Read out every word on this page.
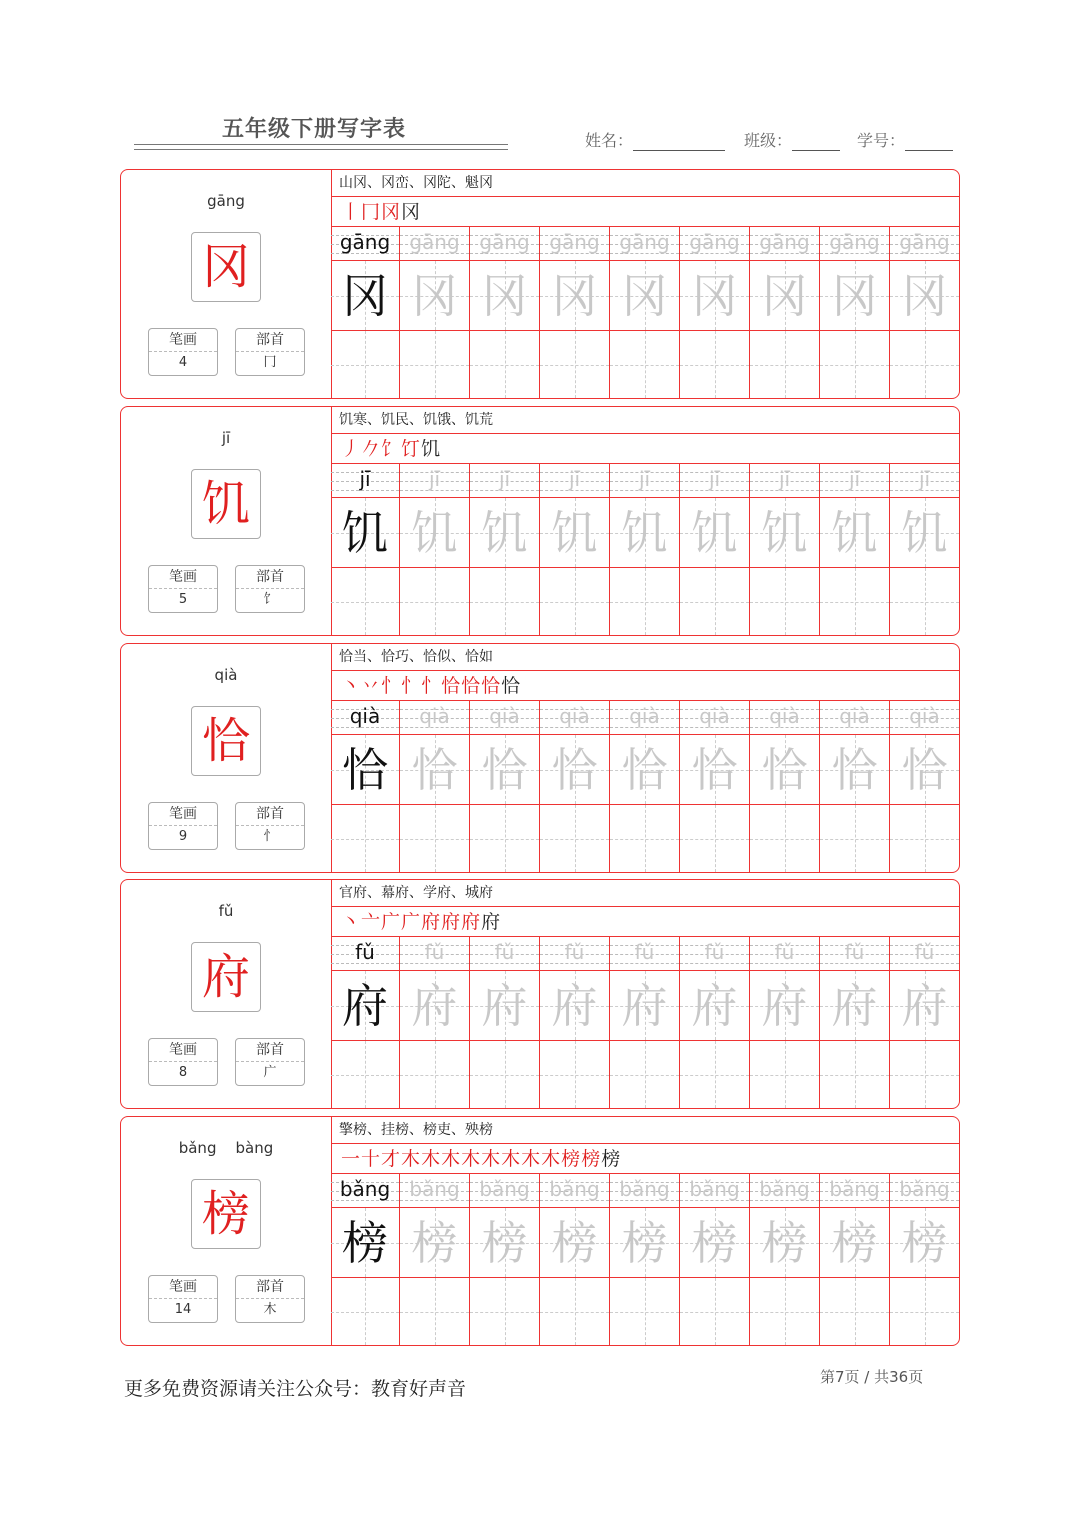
五年级下册写字表	姓名：	班级：	学号：
gāng
冈
笔画
4
部首
冂
山冈、冈峦、冈陀、魁冈
丨冂冈冈
gāng
冈
gāng
冈
gāng
冈
gāng
冈
gāng
冈
gāng
冈
gāng
冈
gāng
冈
gāng
冈
jī
饥
笔画
5
部首
饣
饥寒、饥民、饥饿、饥荒
丿𠂊饣饤饥
jī
饥
jī
饥
jī
饥
jī
饥
jī
饥
jī
饥
jī
饥
jī
饥
jī
饥
qià
恰
笔画
9
部首
忄
恰当、恰巧、恰似、恰如
丶丷忄忄忄恰恰恰恰
qià
恰
qià
恰
qià
恰
qià
恰
qià
恰
qià
恰
qià
恰
qià
恰
qià
恰
fǔ
府
笔画
8
部首
广
官府、幕府、学府、城府
丶亠广广府府府府
fǔ
府
fǔ
府
fǔ
府
fǔ
府
fǔ
府
fǔ
府
fǔ
府
fǔ
府
fǔ
府
bǎng    bàng
榜
笔画
14
部首
木
擎榜、挂榜、榜吏、殃榜
一十才木木木木木木木木榜榜榜
bǎng
榜
bǎng
榜
bǎng
榜
bǎng
榜
bǎng
榜
bǎng
榜
bǎng
榜
bǎng
榜
bǎng
榜
更多免费资源请关注公众号：教育好声音
第7页 / 共36页
